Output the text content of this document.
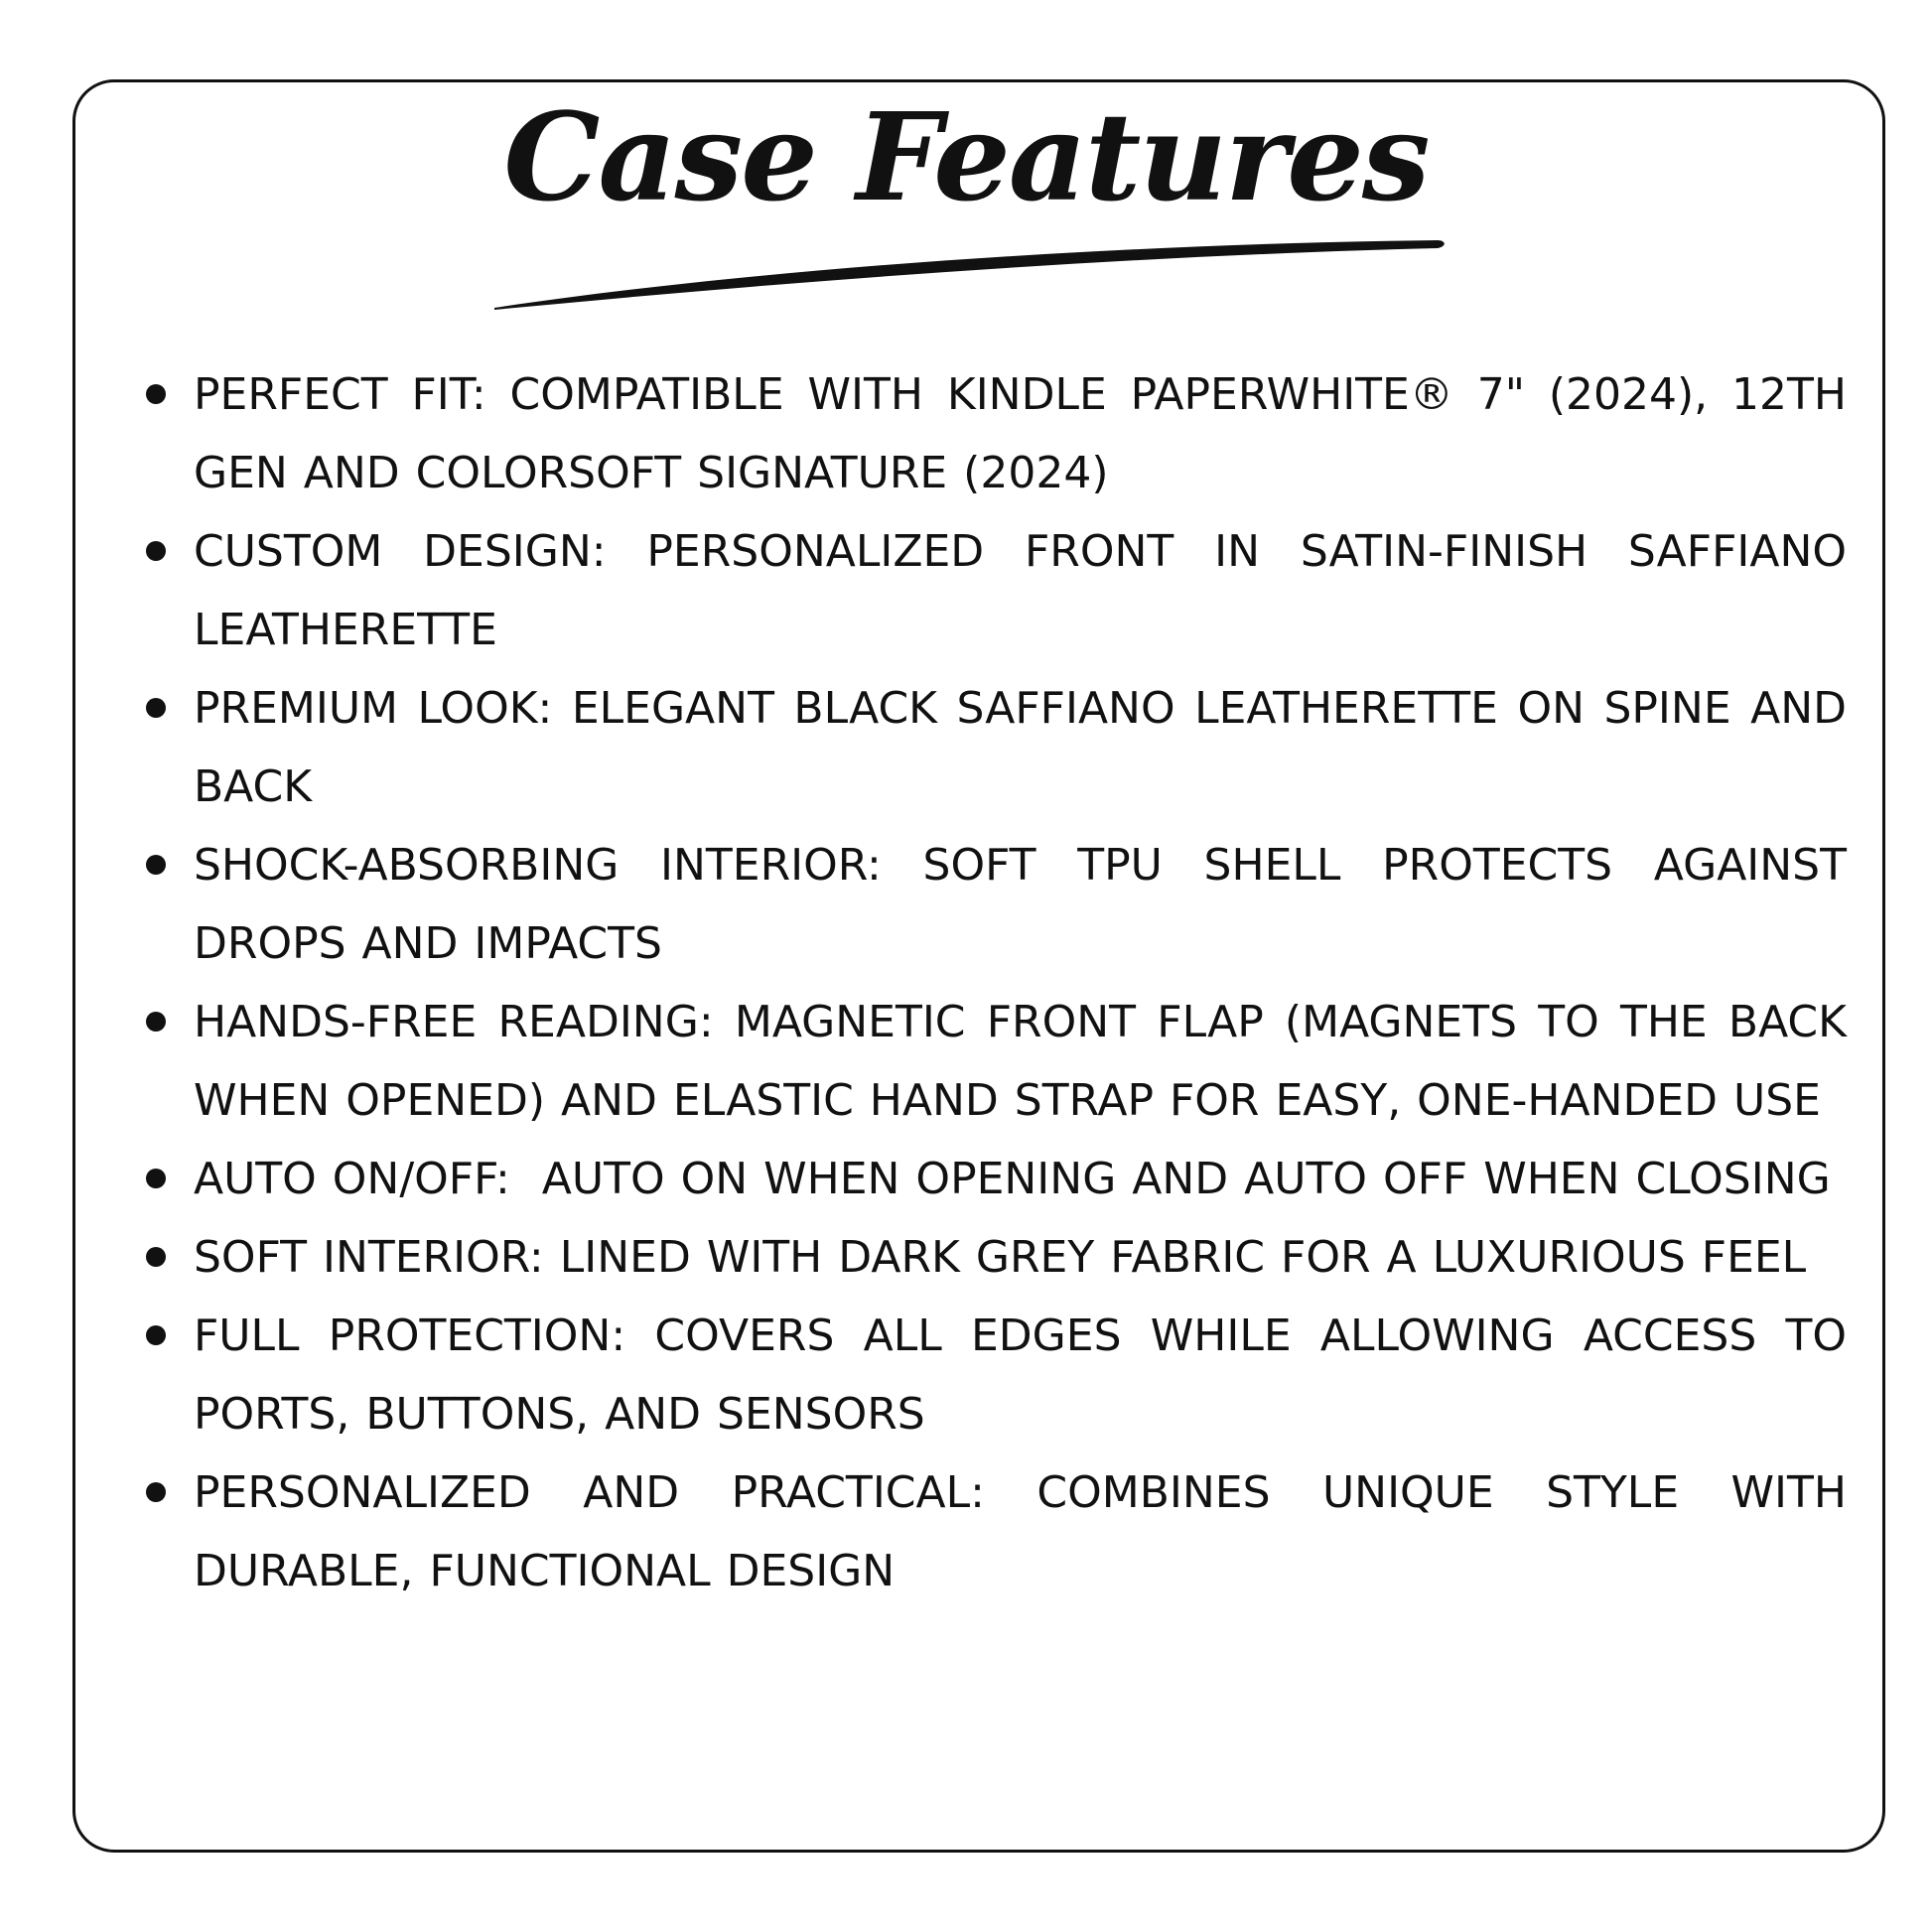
Case Features
PERFECT FIT: COMPATIBLE WITH KINDLE PAPERWHITE® 7" (2024), 12TH GEN AND COLORSOFT SIGNATURE (2024)
CUSTOM DESIGN: PERSONALIZED FRONT IN SATIN-FINISH SAFFIANO LEATHERETTE
PREMIUM LOOK: ELEGANT BLACK SAFFIANO LEATHERETTE ON SPINE AND BACK
SHOCK-ABSORBING INTERIOR: SOFT TPU SHELL PROTECTS AGAINST DROPS AND IMPACTS
HANDS-FREE READING: MAGNETIC FRONT FLAP (MAGNETS TO THE BACK WHEN OPENED) AND ELASTIC HAND STRAP FOR EASY, ONE-HANDED USE
AUTO ON/OFF:  AUTO ON WHEN OPENING AND AUTO OFF WHEN CLOSING
SOFT INTERIOR: LINED WITH DARK GREY FABRIC FOR A LUXURIOUS FEEL
FULL PROTECTION: COVERS ALL EDGES WHILE ALLOWING ACCESS TO PORTS, BUTTONS, AND SENSORS
PERSONALIZED AND PRACTICAL: COMBINES UNIQUE STYLE WITH DURABLE, FUNCTIONAL DESIGN
